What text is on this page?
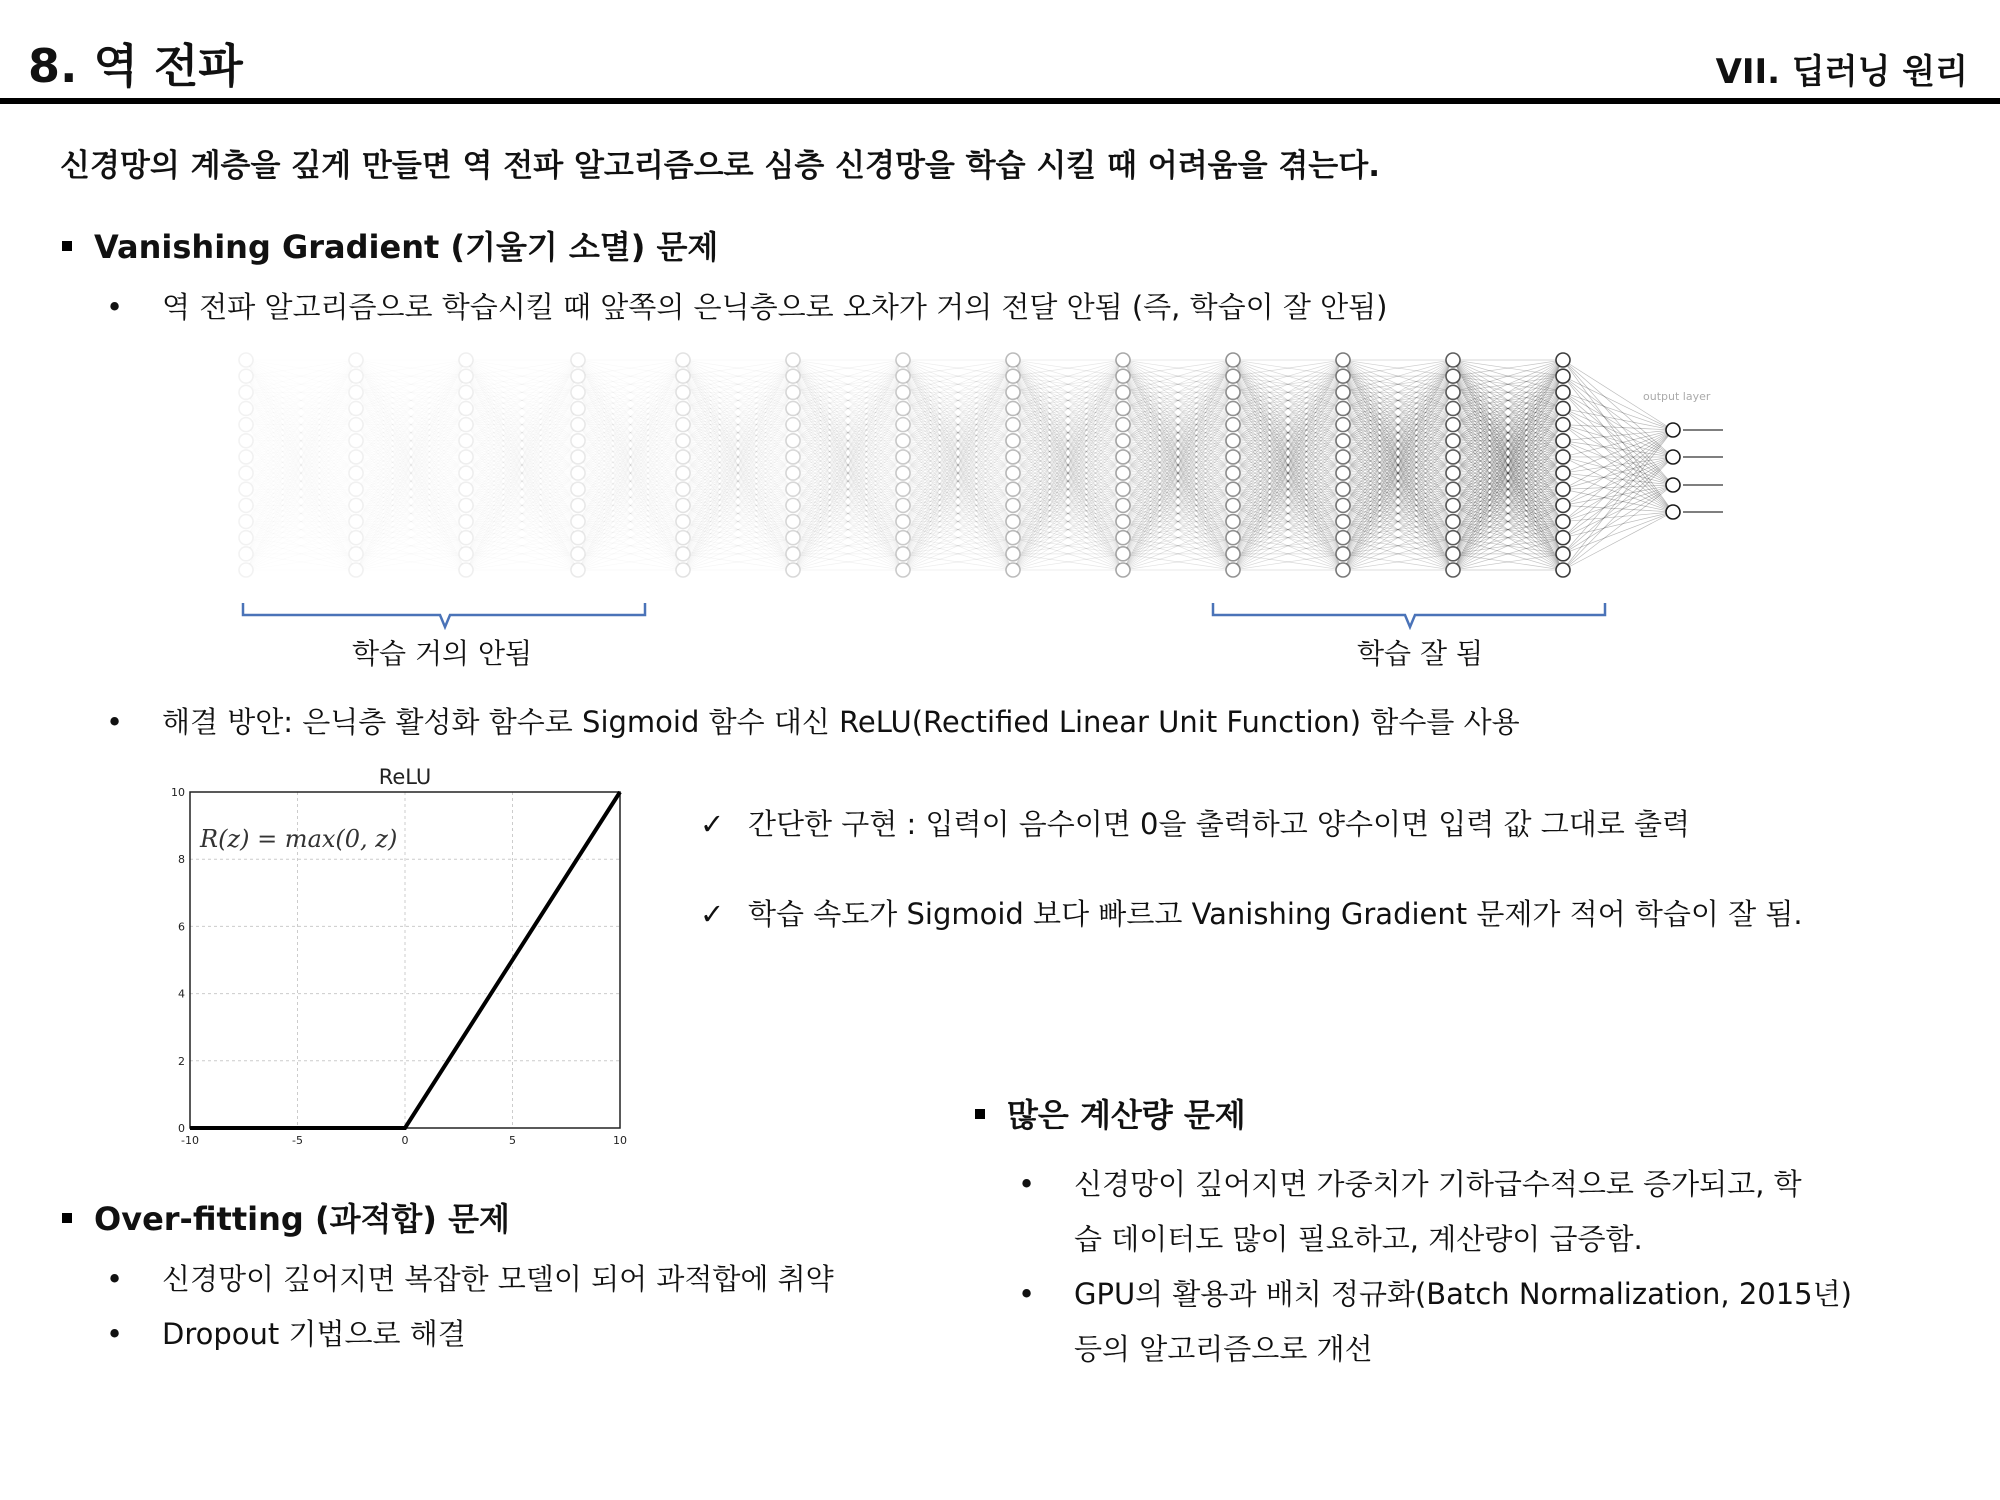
8. 역 전파	VII. 딥러닝 원리
신경망의 계층을 깊게 만들면 역 전파 알고리즘으로 심층 신경망을 학습 시킬 때 어려움을 겪는다.
Vanishing Gradient (기울기 소멸) 문제
• 역 전파 알고리즘으로 학습시킬 때 앞쪽의 은닉층으로 오차가 거의 전달 안됨 (즉, 학습이 잘 안됨)
output layer
학습 거의 안됨	학습 잘 됨
• 해결 방안: 은닉층 활성화 함수로 Sigmoid 함수 대신 ReLU(Rectified Linear Unit Function) 함수를 사용
-10	-5	0	5	10
0
2
4
6
8
10
ReLU
R(z) = max(0, z)	✓ 간단한 구현 : 입력이 음수이면 0을 출력하고 양수이면 입력 값 그대로 출력
✓ 학습 속도가 Sigmoid 보다 빠르고 Vanishing Gradient 문제가 적어 학습이 잘 됨.
Over-fitting (과적합) 문제
• 신경망이 깊어지면 복잡한 모델이 되어 과적합에 취약
• Dropout 기법으로 해결
많은 계산량 문제
• 신경망이 깊어지면 가중치가 기하급수적으로 증가되고, 학
습 데이터도 많이 필요하고, 계산량이 급증함.
• GPU의 활용과 배치 정규화(Batch Normalization, 2015년)
등의 알고리즘으로 개선
